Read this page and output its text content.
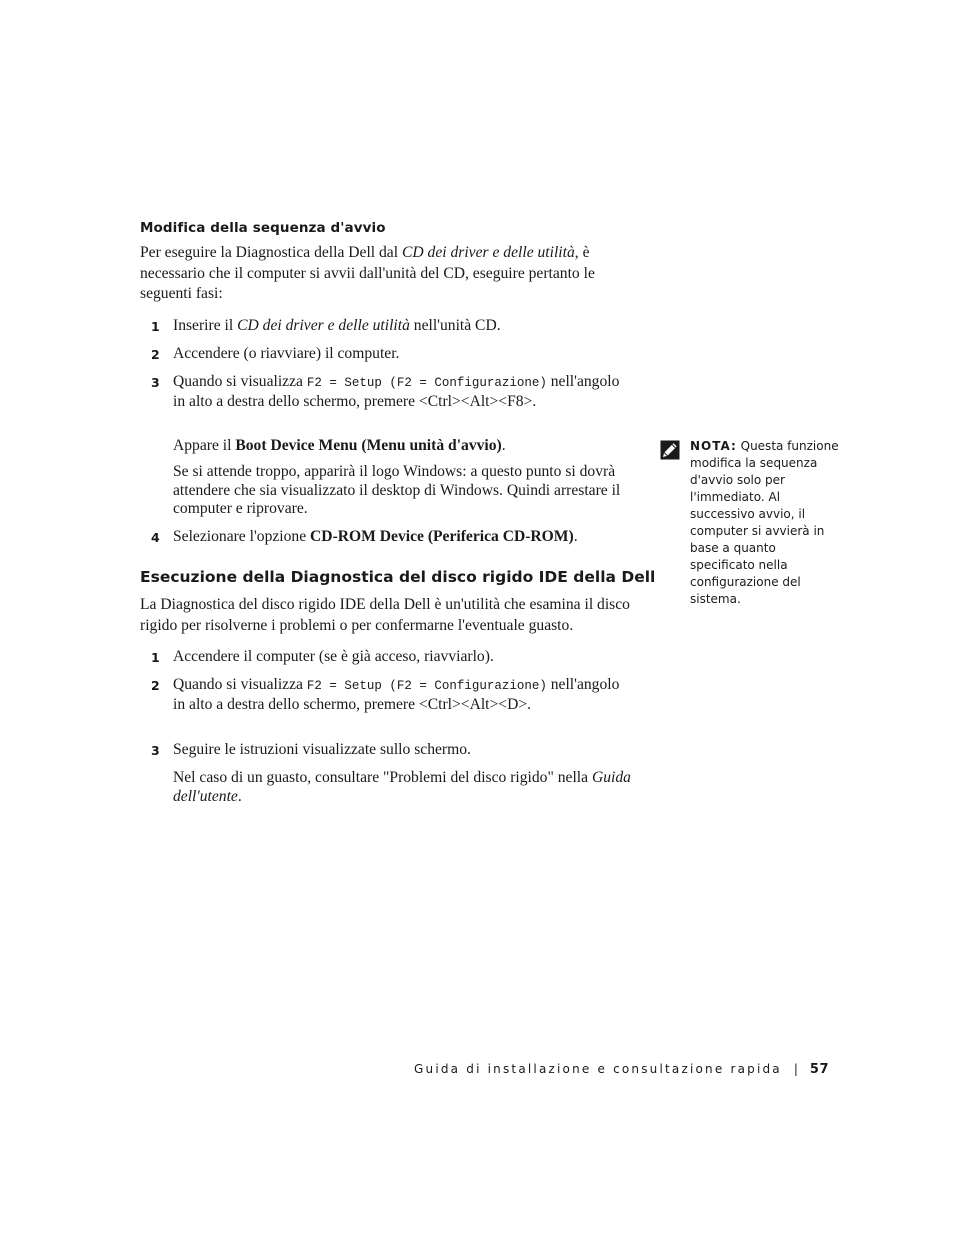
Modifica della sequenza d'avvio

Per eseguire la Diagnostica della Dell dal CD dei driver e delle utilità, è necessario che il computer si avvii dall'unità del CD, eseguire pertanto le seguenti fasi:

1 Inserire il CD dei driver e delle utilità nell'unità CD.
2 Accendere (o riavviare) il computer.
3 Quando si visualizza F2 = Setup (F2 = Configurazione) nell'angolo in alto a destra dello schermo, premere <Ctrl><Alt><F8>.

Appare il Boot Device Menu (Menu unità d'avvio).

Se si attende troppo, apparirà il logo Windows: a questo punto si dovrà attendere che sia visualizzato il desktop di Windows. Quindi arrestare il computer e riprovare.

4 Selezionare l'opzione CD-ROM Device (Periferica CD-ROM).
Esecuzione della Diagnostica del disco rigido IDE della Dell

La Diagnostica del disco rigido IDE della Dell è un'utilità che esamina il disco rigido per risolverne i problemi o per confermarne l'eventuale guasto.

1 Accendere il computer (se è già acceso, riavviarlo).
2 Quando si visualizza F2 = Setup (F2 = Configurazione) nell'angolo in alto a destra dello schermo, premere <Ctrl><Alt><D>.
3 Seguire le istruzioni visualizzate sullo schermo.

Nel caso di un guasto, consultare "Problemi del disco rigido" nella Guida dell'utente.

NOTA: Questa funzione modifica la sequenza d'avvio solo per l'immediato. Al successivo avvio, il computer si avvierà in base a quanto specificato nella configurazione del sistema.
Guida di installazione e consultazione rapida | 57
